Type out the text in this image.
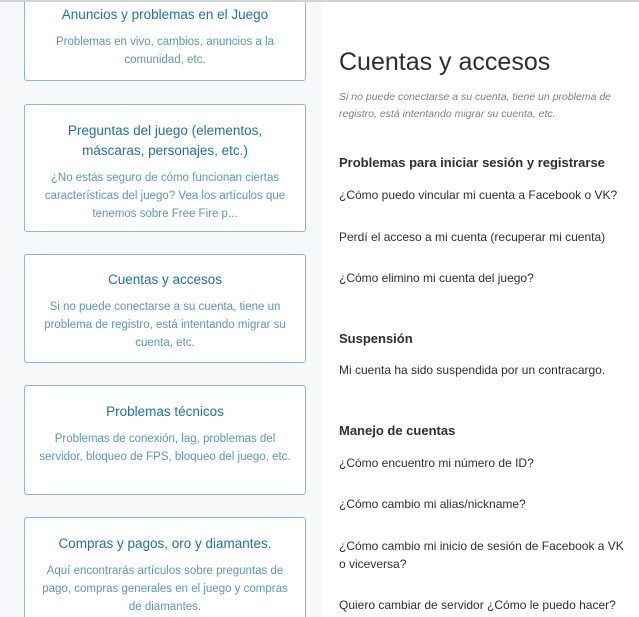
Anuncios y problemas en el Juego

Problemas en vivo, cambios, anuncios a la comunidad, etc.

Preguntas del juego (elementos, máscaras, personajes, etc.)

¿No estás seguro de cómo funcionan ciertas características del juego? Vea los artículos que tenemos sobre Free Fire p...

Cuentas y accesos

Si no puede conectarse a su cuenta, tiene un problema de registro, está intentando migrar su cuenta, etc.

Problemas técnicos

Problemas de conexión, lag, problemas del servidor, bloqueo de FPS, bloqueo del juego, etc.

Compras y pagos, oro y diamantes.

Aquí encontrarás artículos sobre preguntas de pago, compras generales en el juego y compras de diamantes.

Cuentas y accesos

Si no puede conectarse a su cuenta, tiene un problema de registro, está intentando migrar su cuenta, etc.

Problemas para iniciar sesión y registrarse

¿Cómo puedo vincular mi cuenta a Facebook o VK?

Perdí el acceso a mi cuenta (recuperar mi cuenta)

¿Cómo elimino mi cuenta del juego?

Suspensión

Mi cuenta ha sido suspendida por un contracargo.

Manejo de cuentas

¿Cómo encuentro mi número de ID?

¿Cómo cambio mi alias/nickname?

¿Cómo cambio mi inicio de sesión de Facebook a VK o viceversa?

Quiero cambiar de servidor ¿Cómo le puedo hacer?
